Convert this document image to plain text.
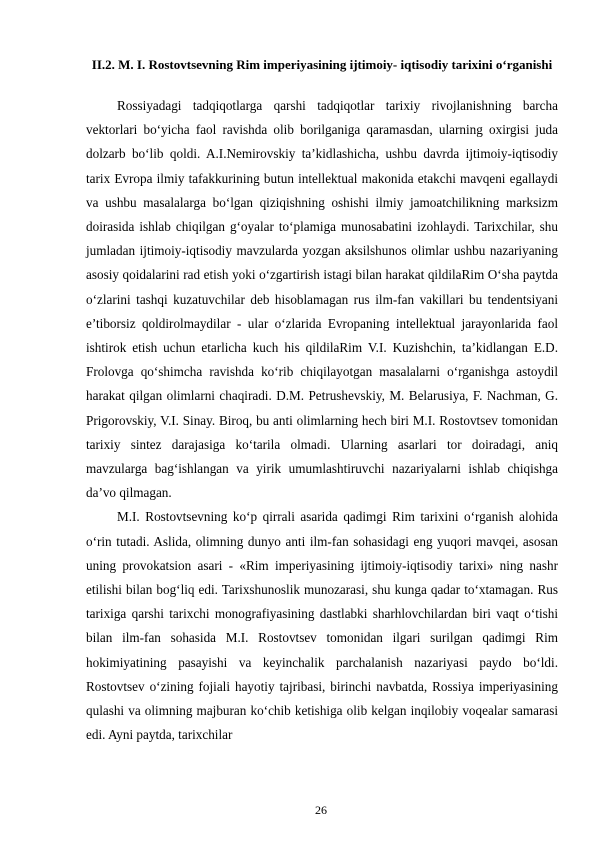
II.2. M. I. Rostovtsevning Rim imperiyasining ijtimoiy- iqtisodiy tarixini o‘rganishi

Rossiyadagi tadqiqotlarga qarshi tadqiqotlar tarixiy rivojlanishning barcha vektorlari bo‘yicha faol ravishda olib borilganiga qaramasdan, ularning oxirgisi juda dolzarb bo‘lib qoldi. A.I.Nemirovskiy ta’kidlashicha, ushbu davrda ijtimoiy-iqtisodiy tarix Evropa ilmiy tafakkurining butun intellektual makonida etakchi mavqeni egallaydi va ushbu masalalarga bo‘lgan qiziqishning oshishi ilmiy jamoatchilikning marksizm doirasida ishlab chiqilgan g‘oyalar to‘plamiga munosabatini izohlaydi. Tarixchilar, shu jumladan ijtimoiy-iqtisodiy mavzularda yozgan aksilshunos olimlar ushbu nazariyaning asosiy qoidalarini rad etish yoki o‘zgartirish istagi bilan harakat qildilaRim O‘sha paytda o‘zlarini tashqi kuzatuvchilar deb hisoblamagan rus ilm-fan vakillari bu tendentsiyani e’tiborsiz qoldirolmaydilar - ular o‘zlarida Evropaning intellektual jarayonlarida faol ishtirok etish uchun etarlicha kuch his qildilaRim V.I. Kuzishchin, ta’kidlangan E.D. Frolovga qo‘shimcha ravishda ko‘rib chiqilayotgan masalalarni o‘rganishga astoydil harakat qilgan olimlarni chaqiradi. D.M. Petrushevskiy, M. Belarusiya, F. Nachman, G. Prigorovskiy, V.I. Sinay. Biroq, bu anti olimlarning hech biri M.I. Rostovtsev tomonidan tarixiy sintez darajasiga ko‘tarila olmadi. Ularning asarlari tor doiradagi, aniq mavzularga bag‘ishlangan va yirik umumlashtiruvchi nazariyalarni ishlab chiqishga da’vo qilmagan.

M.I. Rostovtsevning ko‘p qirrali asarida qadimgi Rim tarixini o‘rganish alohida o‘rin tutadi. Aslida, olimning dunyo anti ilm-fan sohasidagi eng yuqori mavqei, asosan uning provokatsion asari - «Rim imperiyasining ijtimoiy-iqtisodiy tarixi» ning nashr etilishi bilan bog‘liq edi. Tarixshunoslik munozarasi, shu kunga qadar to‘xtamagan. Rus tarixiga qarshi tarixchi monografiyasining dastlabki sharhlovchilardan biri vaqt o‘tishi bilan ilm-fan sohasida M.I. Rostovtsev tomonidan ilgari surilgan qadimgi Rim hokimiyatining pasayishi va keyinchalik parchalanish nazariyasi paydo bo‘ldi. Rostovtsev o‘zining fojiali hayotiy tajribasi, birinchi navbatda, Rossiya imperiyasining qulashi va olimning majburan ko‘chib ketishiga olib kelgan inqilobiy voqealar samarasi edi. Ayni paytda, tarixchilar

26
